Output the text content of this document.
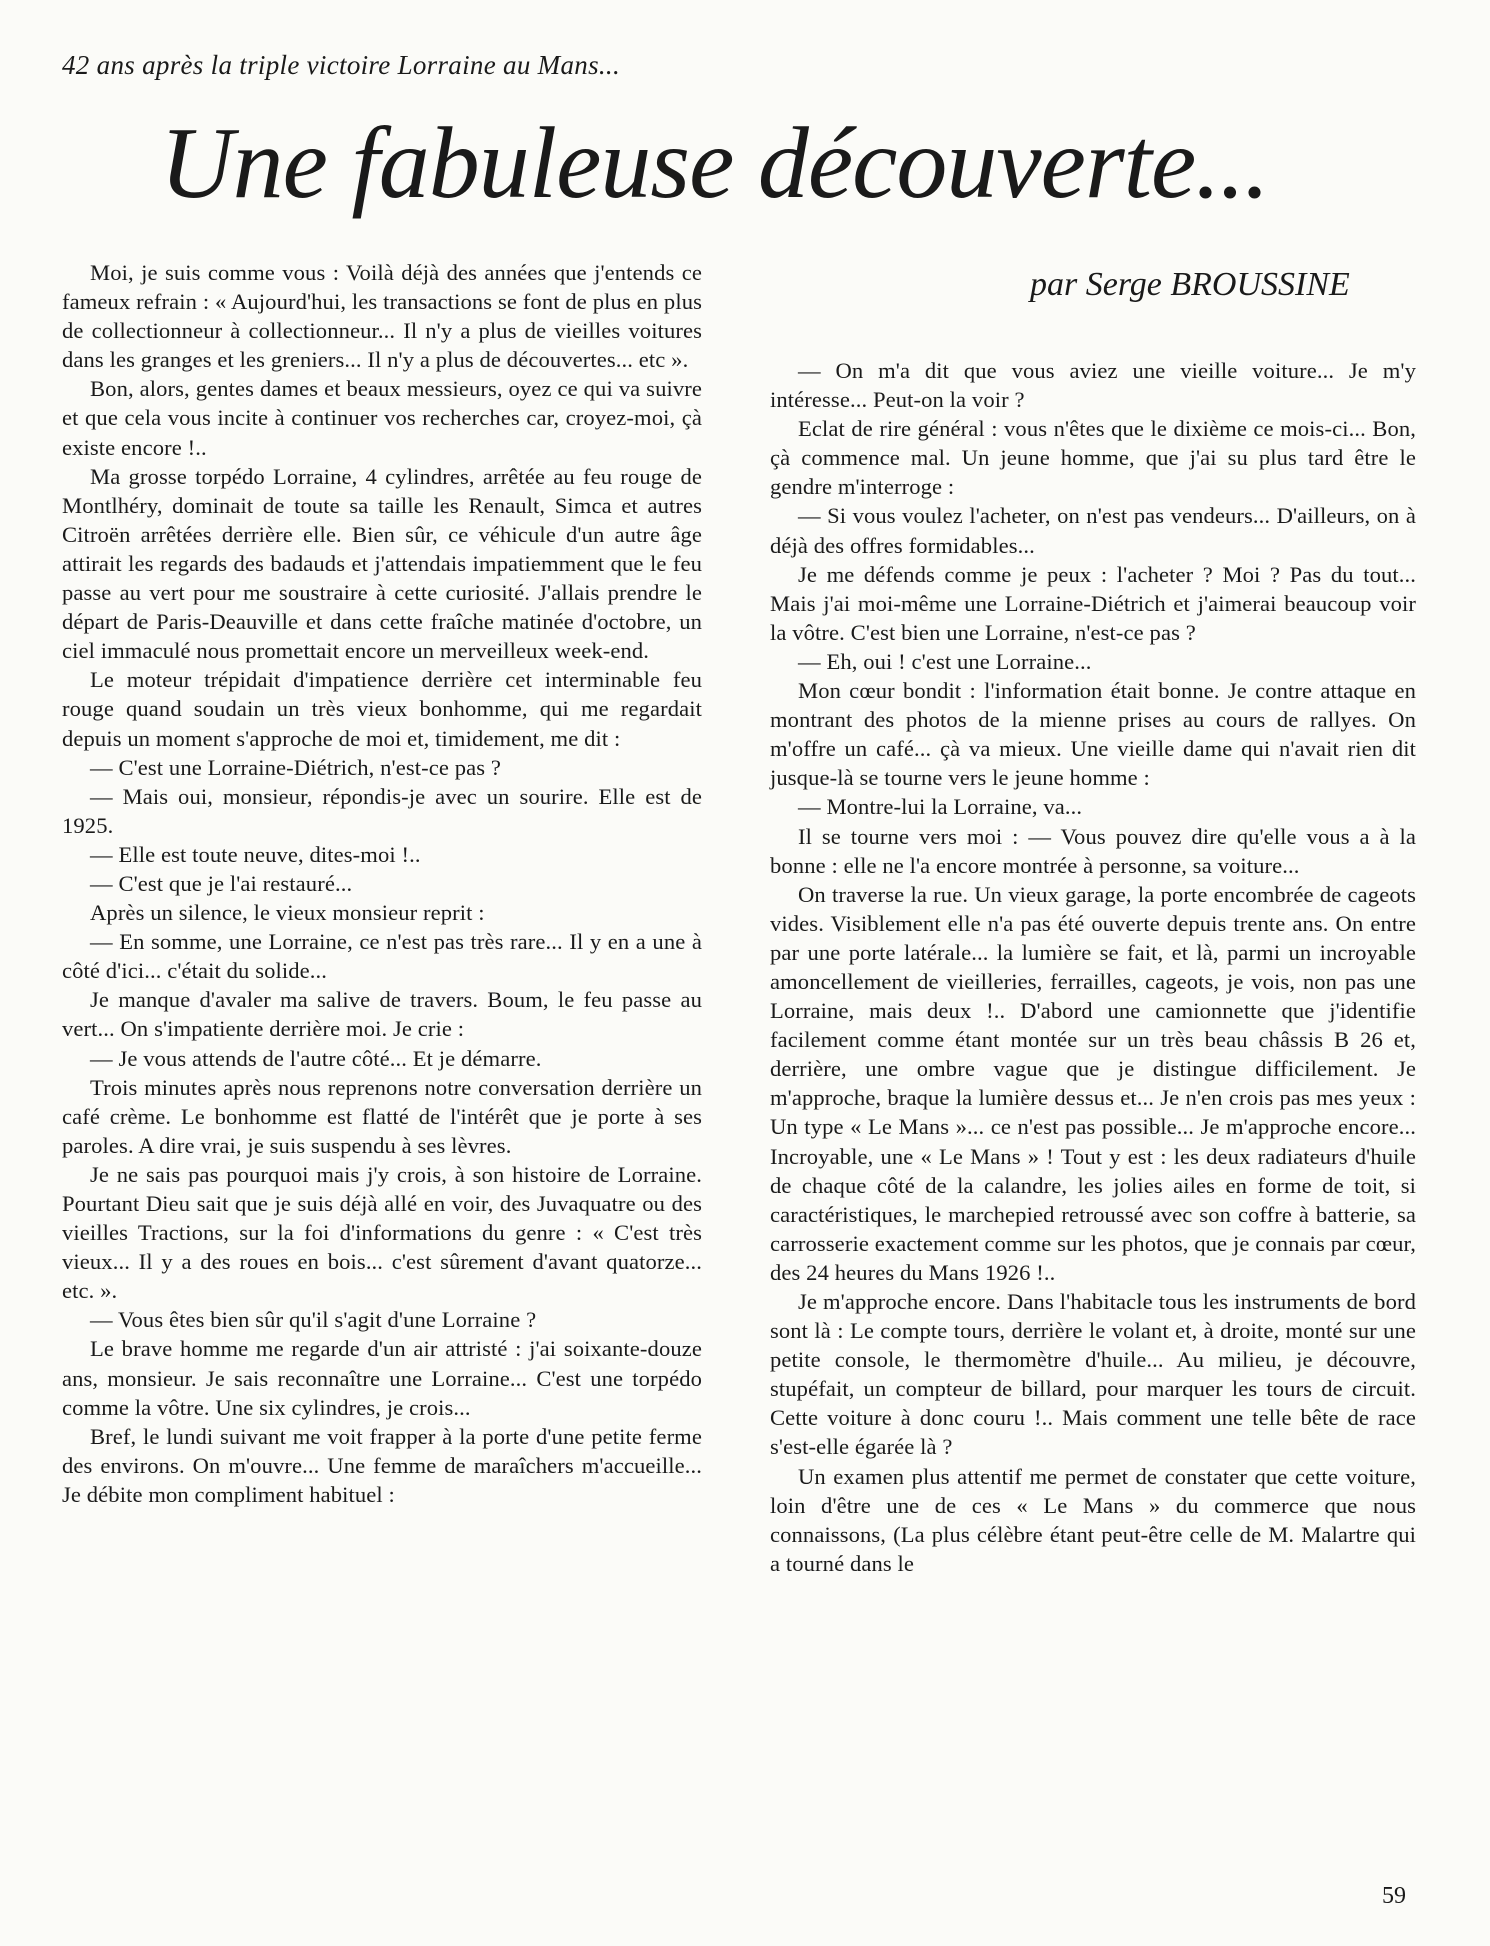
42 ans après la triple victoire Lorraine au Mans...
Une fabuleuse découverte...
par Serge BROUSSINE

Moi, je suis comme vous : Voilà déjà des années que j'entends ce fameux refrain : « Aujourd'hui, les transactions se font de plus en plus de collectionneur à collectionneur... Il n'y a plus de vieilles voitures dans les granges et les greniers... Il n'y a plus de découvertes... etc ».

Bon, alors, gentes dames et beaux messieurs, oyez ce qui va suivre et que cela vous incite à continuer vos recherches car, croyez-moi, çà existe encore !..

Ma grosse torpédo Lorraine, 4 cylindres, arrêtée au feu rouge de Montlhéry, dominait de toute sa taille les Renault, Simca et autres Citroën arrêtées derrière elle. Bien sûr, ce véhicule d'un autre âge attirait les regards des badauds et j'attendais impatiemment que le feu passe au vert pour me soustraire à cette curiosité. J'allais prendre le départ de Paris-Deauville et dans cette fraîche matinée d'octobre, un ciel immaculé nous promettait encore un merveilleux week-end.

Le moteur trépidait d'impatience derrière cet interminable feu rouge quand soudain un très vieux bonhomme, qui me regardait depuis un moment s'approche de moi et, timidement, me dit :

— C'est une Lorraine-Diétrich, n'est-ce pas ?

— Mais oui, monsieur, répondis-je avec un sourire. Elle est de 1925.

— Elle est toute neuve, dites-moi !..

— C'est que je l'ai restauré...

Après un silence, le vieux monsieur reprit :

— En somme, une Lorraine, ce n'est pas très rare... Il y en a une à côté d'ici... c'était du solide...

Je manque d'avaler ma salive de travers. Boum, le feu passe au vert... On s'impatiente derrière moi. Je crie :

— Je vous attends de l'autre côté... Et je démarre.

Trois minutes après nous reprenons notre conversation derrière un café crème. Le bonhomme est flatté de l'intérêt que je porte à ses paroles. A dire vrai, je suis suspendu à ses lèvres.

Je ne sais pas pourquoi mais j'y crois, à son histoire de Lorraine. Pourtant Dieu sait que je suis déjà allé en voir, des Juvaquatre ou des vieilles Tractions, sur la foi d'informations du genre : « C'est très vieux... Il y a des roues en bois... c'est sûrement d'avant quatorze... etc. ».

— Vous êtes bien sûr qu'il s'agit d'une Lorraine ?

Le brave homme me regarde d'un air attristé : j'ai soixante-douze ans, monsieur. Je sais reconnaître une Lorraine... C'est une torpédo comme la vôtre. Une six cylindres, je crois...

Bref, le lundi suivant me voit frapper à la porte d'une petite ferme des environs. On m'ouvre... Une femme de maraîchers m'accueille... Je débite mon compliment habituel :

— On m'a dit que vous aviez une vieille voiture... Je m'y intéresse... Peut-on la voir ?

Eclat de rire général : vous n'êtes que le dixième ce mois-ci... Bon, çà commence mal. Un jeune homme, que j'ai su plus tard être le gendre m'interroge :

— Si vous voulez l'acheter, on n'est pas vendeurs... D'ailleurs, on à déjà des offres formidables...

Je me défends comme je peux : l'acheter ? Moi ? Pas du tout... Mais j'ai moi-même une Lorraine-Diétrich et j'aimerai beaucoup voir la vôtre. C'est bien une Lorraine, n'est-ce pas ?

— Eh, oui ! c'est une Lorraine...

Mon cœur bondit : l'information était bonne. Je contre attaque en montrant des photos de la mienne prises au cours de rallyes. On m'offre un café... çà va mieux. Une vieille dame qui n'avait rien dit jusque-là se tourne vers le jeune homme :

— Montre-lui la Lorraine, va...

Il se tourne vers moi : — Vous pouvez dire qu'elle vous a à la bonne : elle ne l'a encore montrée à personne, sa voiture...

On traverse la rue. Un vieux garage, la porte encombrée de cageots vides. Visiblement elle n'a pas été ouverte depuis trente ans. On entre par une porte latérale... la lumière se fait, et là, parmi un incroyable amoncellement de vieilleries, ferrailles, cageots, je vois, non pas une Lorraine, mais deux !.. D'abord une camionnette que j'identifie facilement comme étant montée sur un très beau châssis B 26 et, derrière, une ombre vague que je distingue difficilement. Je m'approche, braque la lumière dessus et... Je n'en crois pas mes yeux : Un type « Le Mans »... ce n'est pas possible... Je m'approche encore... Incroyable, une « Le Mans » ! Tout y est : les deux radiateurs d'huile de chaque côté de la calandre, les jolies ailes en forme de toit, si caractéristiques, le marchepied retroussé avec son coffre à batterie, sa carrosserie exactement comme sur les photos, que je connais par cœur, des 24 heures du Mans 1926 !..

Je m'approche encore. Dans l'habitacle tous les instruments de bord sont là : Le compte tours, derrière le volant et, à droite, monté sur une petite console, le thermomètre d'huile... Au milieu, je découvre, stupéfait, un compteur de billard, pour marquer les tours de circuit. Cette voiture à donc couru !.. Mais comment une telle bête de race s'est-elle égarée là ?

Un examen plus attentif me permet de constater que cette voiture, loin d'être une de ces « Le Mans » du commerce que nous connaissons, (La plus célèbre étant peut-être celle de M. Malartre qui a tourné dans le

59
